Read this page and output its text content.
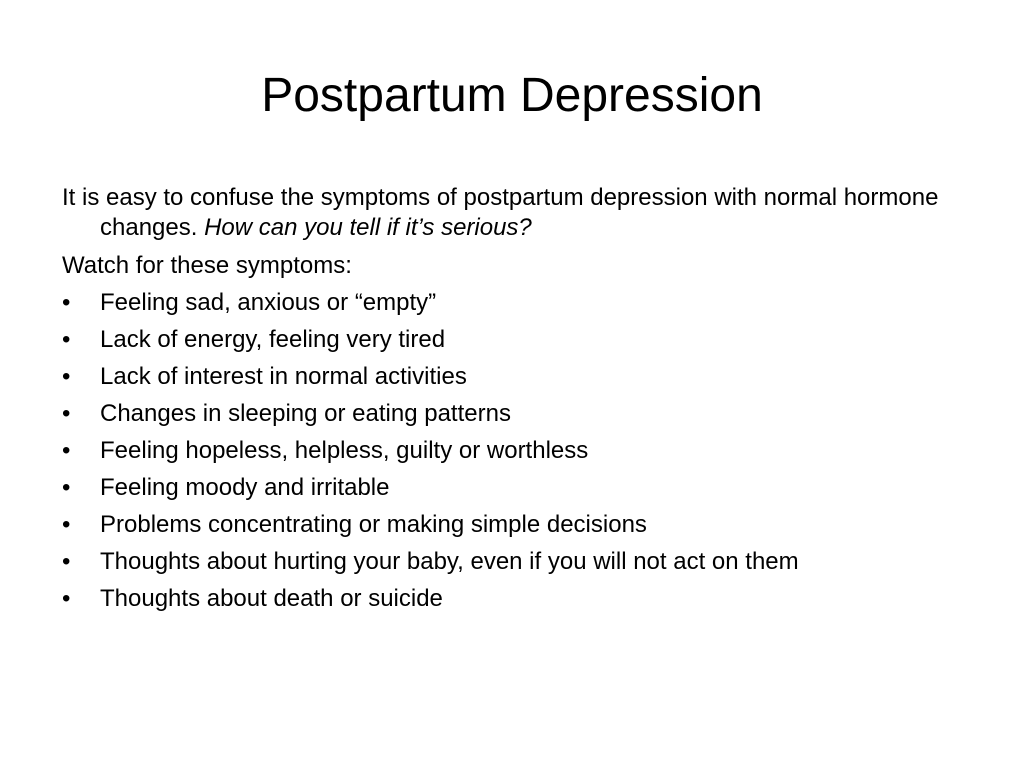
Postpartum Depression

It is easy to confuse the symptoms of postpartum depression with normal hormone changes. How can you tell if it’s serious?

Watch for these symptoms:

•	Feeling sad, anxious or “empty”
•	Lack of energy, feeling very tired
•	Lack of interest in normal activities
•	Changes in sleeping or eating patterns
•	Feeling hopeless, helpless, guilty or worthless
•	Feeling moody and irritable
•	Problems concentrating or making simple decisions
•	Thoughts about hurting your baby, even if you will not act on them
•	Thoughts about death or suicide
